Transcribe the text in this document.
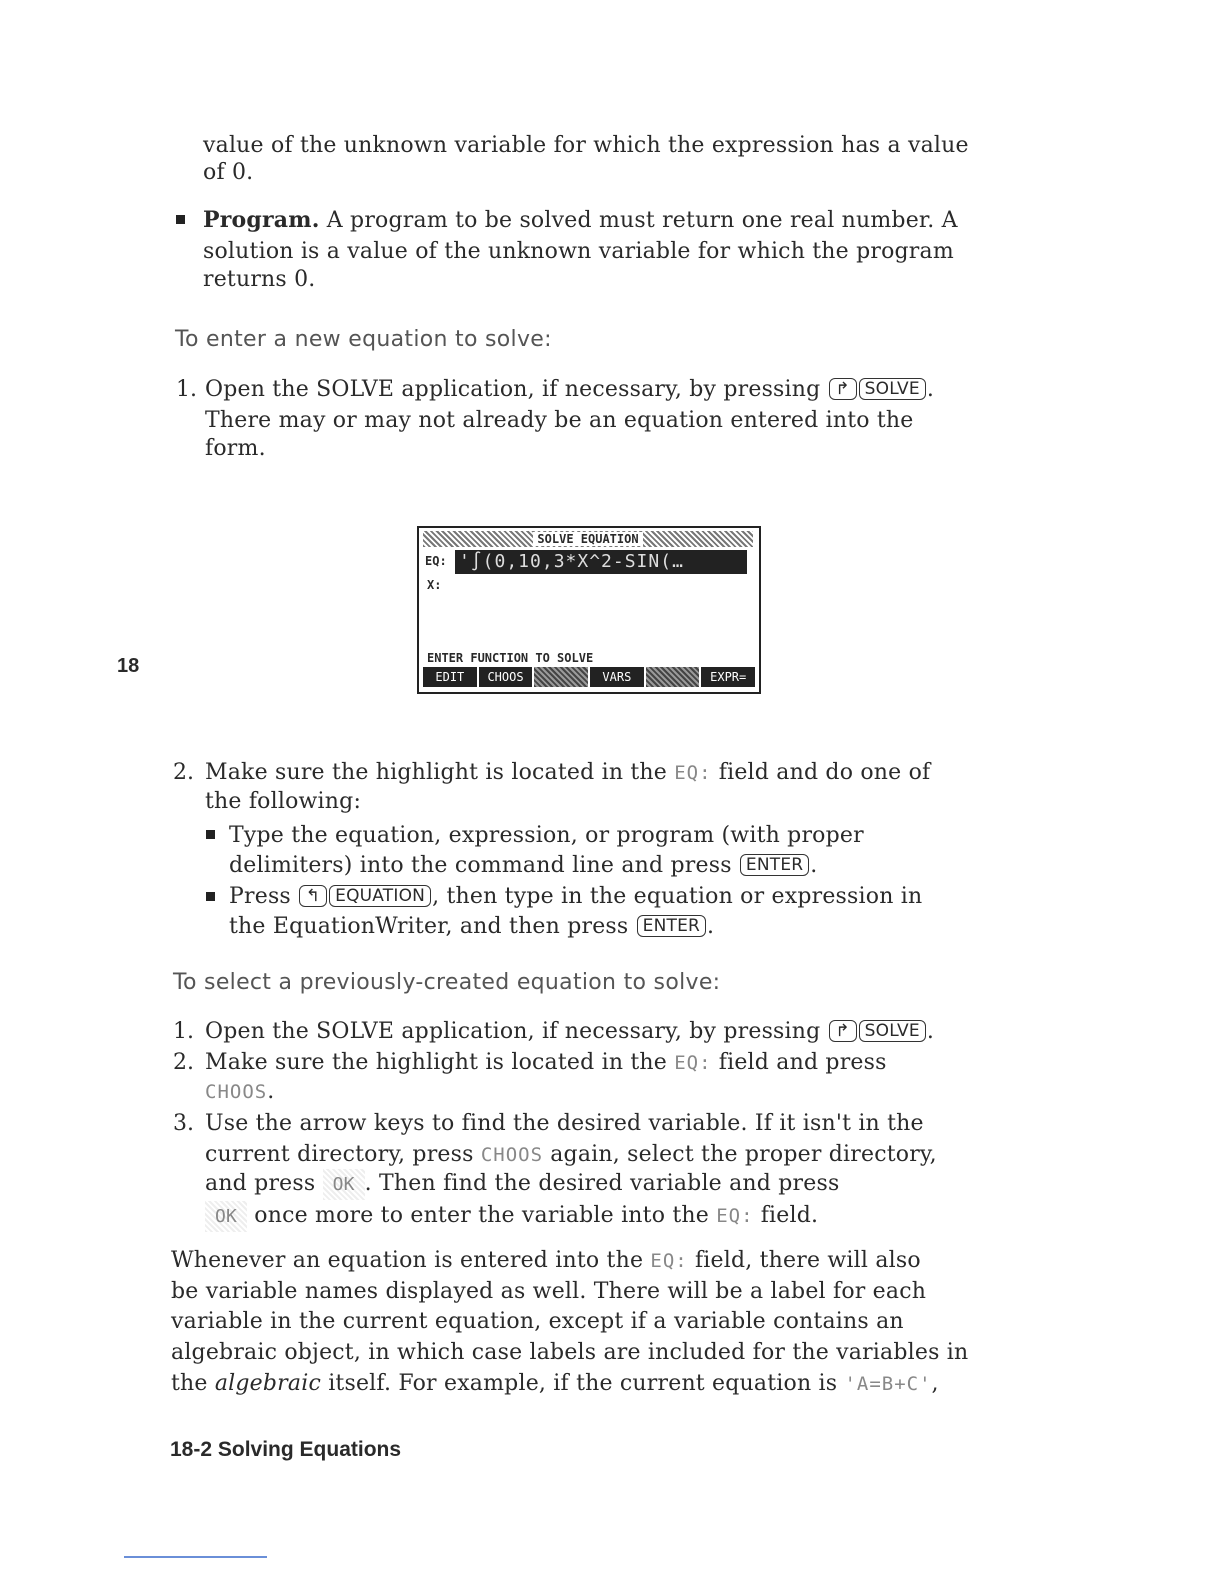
value of the unknown variable for which the expression has a value
of 0.
Program. A program to be solved must return one real number. A
solution is a value of the unknown variable for which the program
returns 0.
To enter a new equation to solve:
1. Open the SOLVE application, if necessary, by pressing ↱ SOLVE .
There may or may not already be an equation entered into the
form.
SOLVE EQUATION
EQ: '∫(0,10,3*X^2-SIN(…
X:
ENTER FUNCTION TO SOLVE
EDIT	CHOOS	VARS	EXPR=
18
2. Make sure the highlight is located in the EQ: field and do one of
the following:
Type the equation, expression, or program (with proper
delimiters) into the command line and press ENTER .
Press ↰ EQUATION , then type in the equation or expression in
the EquationWriter, and then press ENTER .
To select a previously-created equation to solve:
1. Open the SOLVE application, if necessary, by pressing ↱ SOLVE .
2. Make sure the highlight is located in the EQ: field and press
CHOOS.
3. Use the arrow keys to find the desired variable. If it isn't in the
current directory, press CHOOS again, select the proper directory,
and press OK . Then find the desired variable and press
OK once more to enter the variable into the EQ: field.
Whenever an equation is entered into the EQ: field, there will also
be variable names displayed as well. There will be a label for each
variable in the current equation, except if a variable contains an
algebraic object, in which case labels are included for the variables in
the algebraic itself. For example, if the current equation is 'A=B+C',
18-2 Solving Equations
